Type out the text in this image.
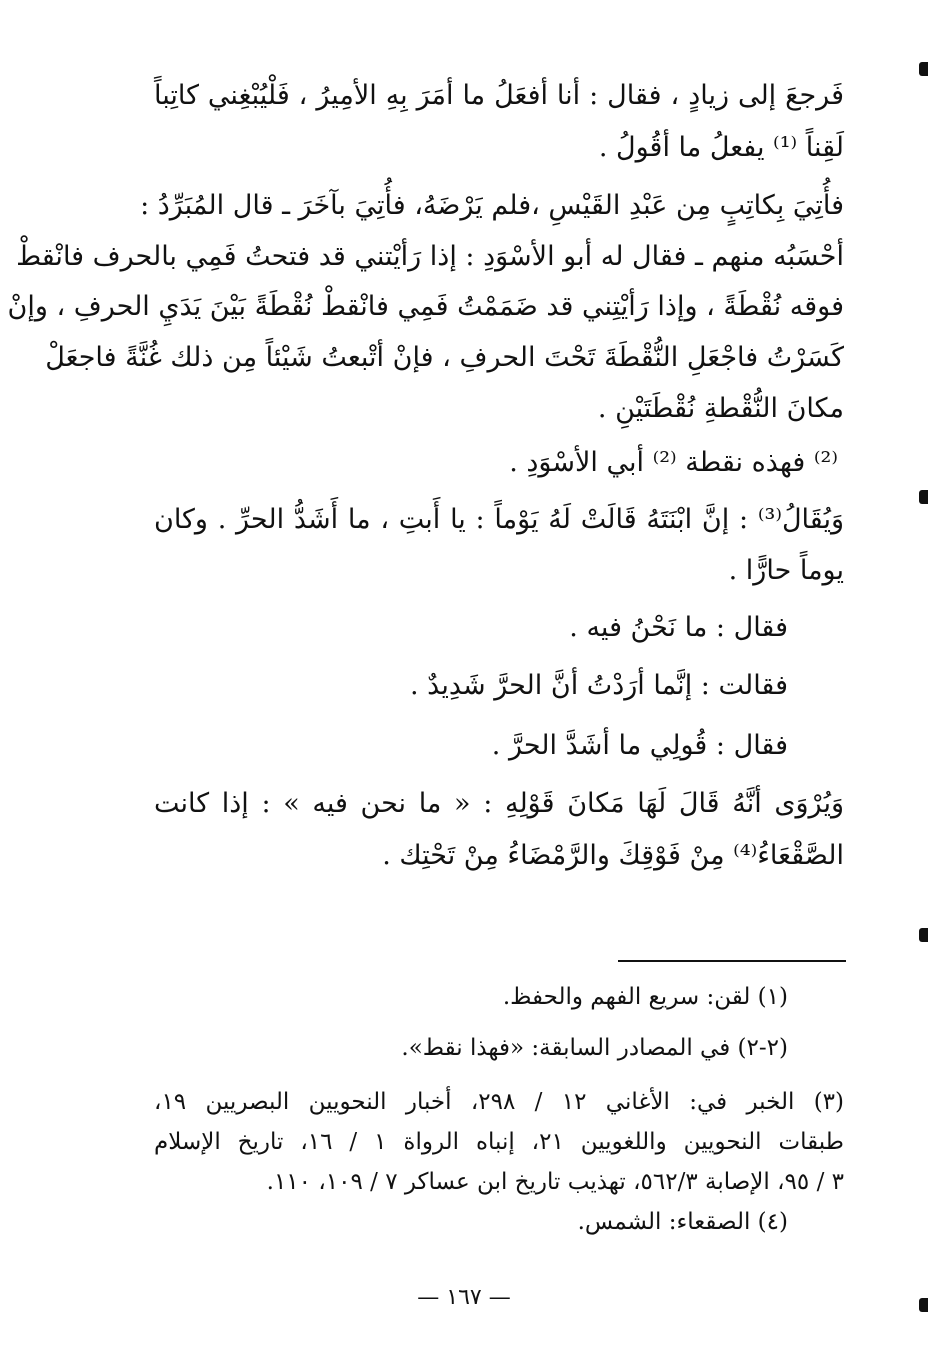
فَرجعَ إلى زيادٍ ، فقال : أنا أفعَلُ ما أمَرَ بِهِ الأمِيرُ ، فَلْيُبْغِني كاتِباً
لَقِناً ⁽¹⁾ يفعلُ ما أقُولُ .
فأُتِيَ بِكاتِبٍ مِن عَبْدِ القَيْسِ ،فلم يَرْضَهُ، فأُتِيَ بآخَرَ ـ قال المُبَرِّدُ :
أحْسَبُه منهم ـ فقال له أبو الأسْوَدِ : إذا رَأيْتني قد فتحتُ فَمِي بالحرف فانْقطْ
فوقه نُقْطَةً ، وإذا رَأيْتِني قد ضَمَمْتُ فَمِي فانْقطْ نُقْطَةً بَيْنَ يَدَيِ الحرفِ ، وإنْ
كَسَرْتُ فاجْعَلِ النُّقْطَةَ تَحْتَ الحرفِ ، فإنْ أتْبعتُ شَيْئاً مِن ذلك غُنَّةً فاجعَلْ
مكانَ النُّقْطةِ نُقْطَتَيْنِ .
⁽²⁾ فهذه نقطة ⁽²⁾ أبي الأسْوَدِ .
وَيُقَالُ⁽³⁾ : إنَّ ابْنَتَهُ قَالَتْ لَهُ يَوْماً : يا أَبتِ ، ما أَشَدُّ الحرِّ . وكان
يوماً حارًّا .
فقال : ما نَحْنُ فيه .
فقالت : إنَّما أرَدْتُ أنَّ الحرَّ شَدِيدٌ .
فقال : قُولِي ما أشَدَّ الحرَّ .
وَيُرْوَى أنَّهُ قَالَ لَهَا مَكانَ قَوْلِهِ : « ما نحن فيه » : إذا كانت
الصَّقْعَاءُ⁽⁴⁾ مِنْ فَوْقِكَ والرَّمْضَاءُ مِنْ تَحْتِك .
(١) لقن: سريع الفهم والحفظ.
(٢-٢) في المصادر السابقة: «فهذا نقط».
(٣) الخبر في: الأغاني ١٢ / ٢٩٨، أخبار النحويين البصريين ١٩،
طبقات النحويين واللغويين ٢١، إنباه الرواة ١ / ١٦، تاريخ الإسلام
٣ / ٩٥، الإصابة ٥٦٢/٣، تهذيب تاريخ ابن عساكر ٧ / ١٠٩، ١١٠.
(٤) الصقعاء: الشمس.
— ١٦٧ —
